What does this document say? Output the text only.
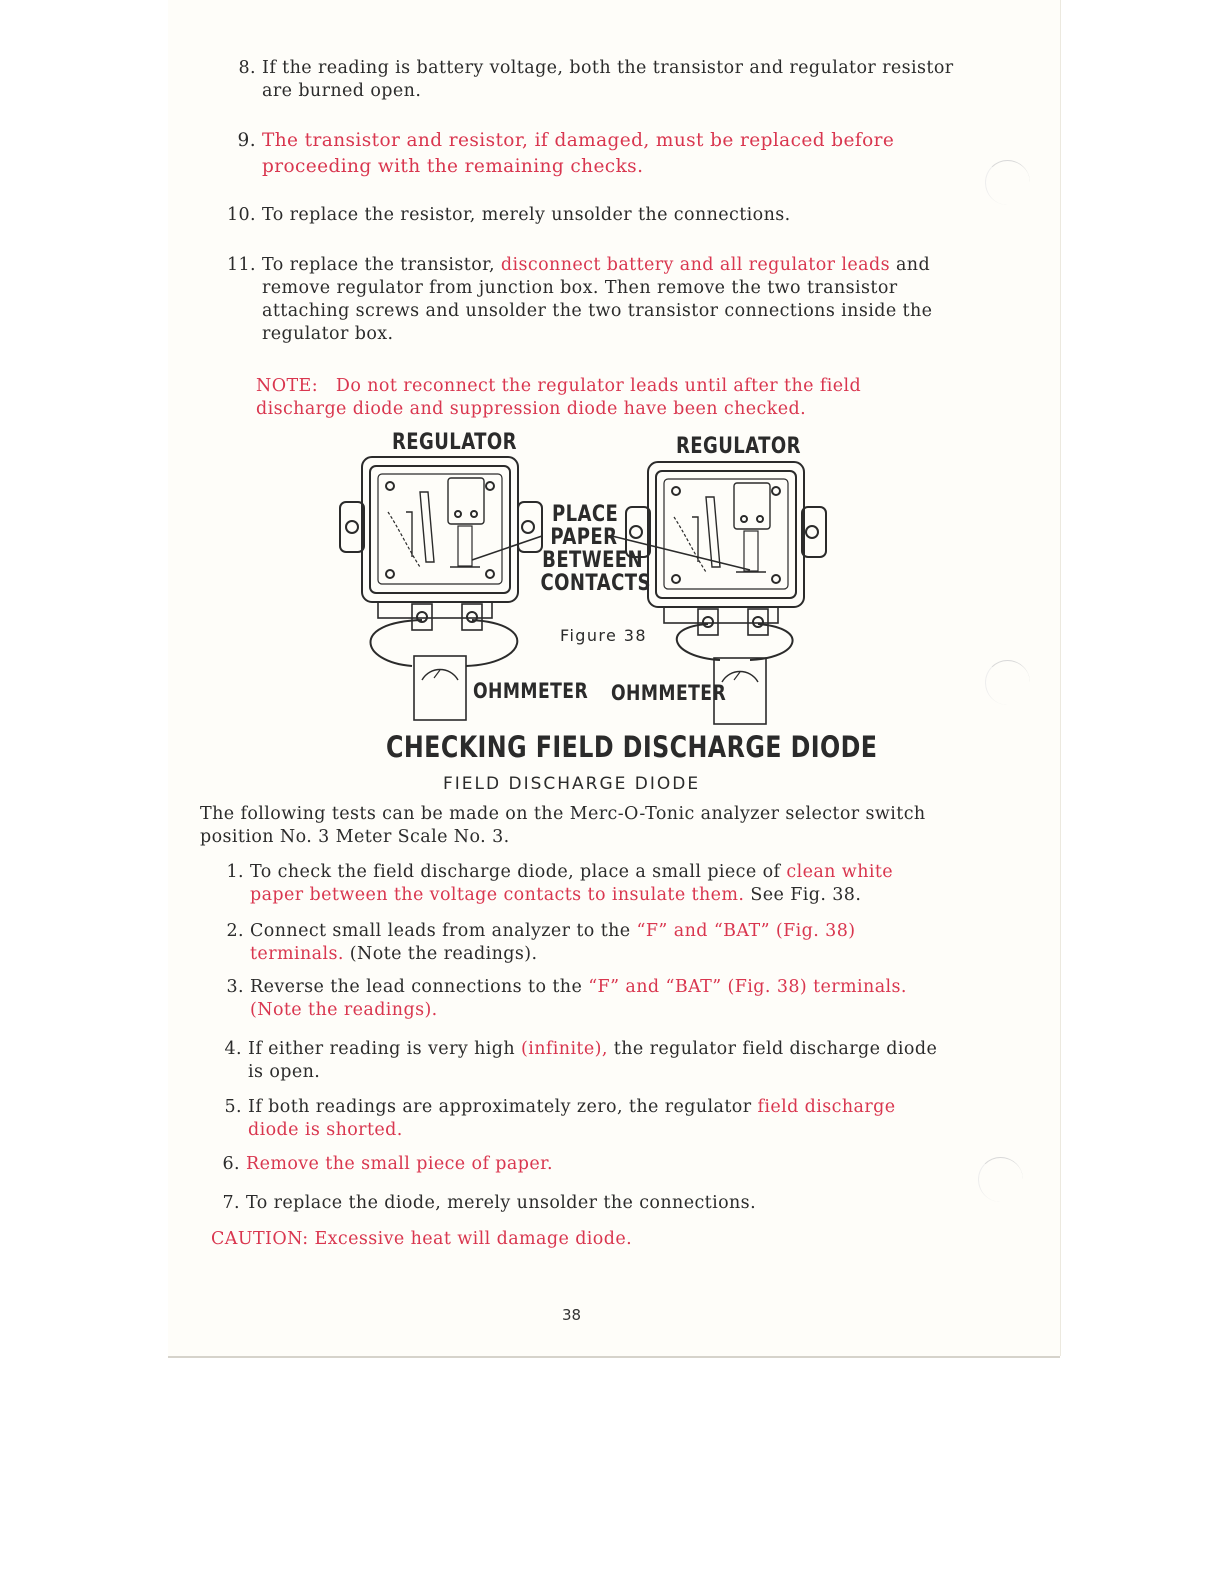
8. If the reading is battery voltage, both the transistor and regulator resistor are burned open.
9. The transistor and resistor, if damaged, must be replaced before proceeding with the remaining checks.
10. To replace the resistor, merely unsolder the connections.
11. To replace the transistor, disconnect battery and all regulator leads and remove regulator from junction box. Then remove the two transistor attaching screws and unsolder the two transistor connections inside the regulator box.
NOTE: Do not reconnect the regulator leads until after the field discharge diode and suppression diode have been checked.
REGULATOR	REGULATOR
PLACE
PAPER
BETWEEN
CONTACTS
Figure 38
OHMMETER OHMMETER
CHECKING FIELD DISCHARGE DIODE
FIELD DISCHARGE DIODE
The following tests can be made on the Merc-O-Tonic analyzer selector switch position No. 3 Meter Scale No. 3.
1. To check the field discharge diode, place a small piece of clean white paper between the voltage contacts to insulate them. See Fig. 38.
2. Connect small leads from analyzer to the “F” and “BAT” (Fig. 38) terminals. (Note the readings).
3. Reverse the lead connections to the “F” and “BAT” (Fig. 38) terminals. (Note the readings).
4. If either reading is very high (infinite), the regulator field discharge diode is open.
5. If both readings are approximately zero, the regulator field discharge diode is shorted.
6. Remove the small piece of paper.
7. To replace the diode, merely unsolder the connections.
CAUTION: Excessive heat will damage diode.
38
